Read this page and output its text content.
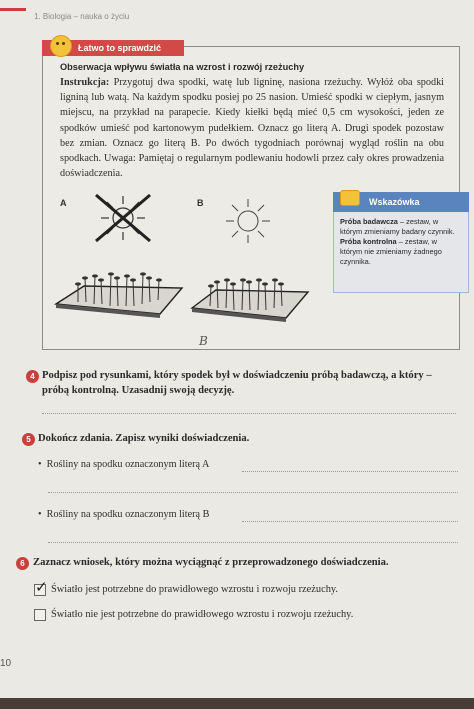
1. Biologia – nauka o życiu
Łatwo to sprawdzić
Obserwacja wpływu światła na wzrost i rozwój rzeżuchy
Instrukcja: Przygotuj dwa spodki, watę lub ligninę, nasiona rzeżuchy. Wyłóż oba spodki ligniną lub watą. Na każdym spodku posiej po 25 nasion. Umieść spodki w ciepłym, jasnym miejscu, na przykład na parapecie. Kiedy kiełki będą mieć 0,5 cm wysokości, jeden ze spodków umieść pod kartonowym pudełkiem. Oznacz go literą A. Drugi spodek pozostaw bez zmian. Oznacz go literą B. Po dwóch tygodniach porównaj wygląd roślin na obu spodkach. Uwaga: Pamiętaj o regularnym podlewaniu hodowli przez cały okres prowadzenia doświadczenia.
A	B
B
Wskazówka
Próba badawcza – zestaw, w którym zmieniamy badany czynnik.
Próba kontrolna – zestaw, w którym nie zmieniamy żadnego czynnika.
4 Podpisz pod rysunkami, który spodek był w doświadczeniu próbą badawczą, a który – próbą kontrolną. Uzasadnij swoją decyzję.
5 Dokończ zdania. Zapisz wyniki doświadczenia.
•  Rośliny na spodku oznaczonym literą A
•  Rośliny na spodku oznaczonym literą B
6 Zaznacz wniosek, który można wyciągnąć z przeprowadzonego doświadczenia.
✓ Światło jest potrzebne do prawidłowego wzrostu i rozwoju rzeżuchy.
Światło nie jest potrzebne do prawidłowego wzrostu i rozwoju rzeżuchy.
10
